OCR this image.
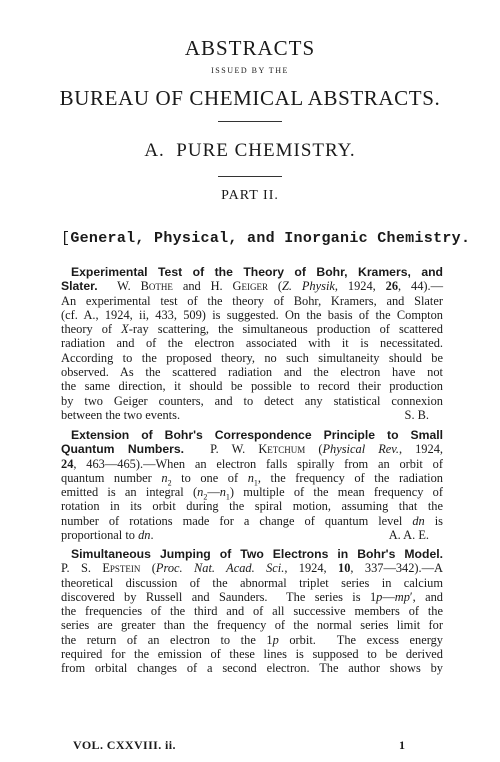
ABSTRACTS
ISSUED BY THE
BUREAU OF CHEMICAL ABSTRACTS.
A.  PURE CHEMISTRY.
PART II.
[General, Physical, and Inorganic Chemistry.
Experimental Test of the Theory of Bohr, Kramers, and
Slater.  W. Bothe and H. Geiger (Z. Physik, 1924, 26, 44).—
An experimental test of the theory of Bohr, Kramers, and Slater
(cf. A., 1924, ii, 433, 509) is suggested. On the basis of the Compton
theory of X-ray scattering, the simultaneous production of scattered
radiation and of the electron associated with it is necessitated.
According to the proposed theory, no such simultaneity should be
observed. As the scattered radiation and the electron have not
the same direction, it should be possible to record their production
by two Geiger counters, and to detect any statistical connexion
between the two events.	S. B.
Extension of Bohr's Correspondence Principle to Small
Quantum Numbers.  P. W. Ketchum (Physical Rev., 1924,
24, 463—465).—When an electron falls spirally from an orbit of
quantum number $n_2$ to one of $n_1$, the frequency of the radiation
emitted is an integral $(n_2—n_1)$ multiple of the mean frequency of
rotation in its orbit during the spiral motion, assuming that the
number of rotations made for a change of quantum level dn is
proportional to dn.	A. A. E.
Simultaneous Jumping of Two Electrons in Bohr's Model.
P. S. Epstein (Proc. Nat. Acad. Sci., 1924, 10, 337—342).—A
theoretical discussion of the abnormal triplet series in calcium
discovered by Russell and Saunders.  The series is 1p—mp′, and
the frequencies of the third and of all successive members of the
series are greater than the frequency of the normal series limit for
the return of an electron to the 1p orbit.  The excess energy
required for the emission of these lines is supposed to be derived
from orbital changes of a second electron. The author shows by
VOL. CXXVIII. ii.	1
